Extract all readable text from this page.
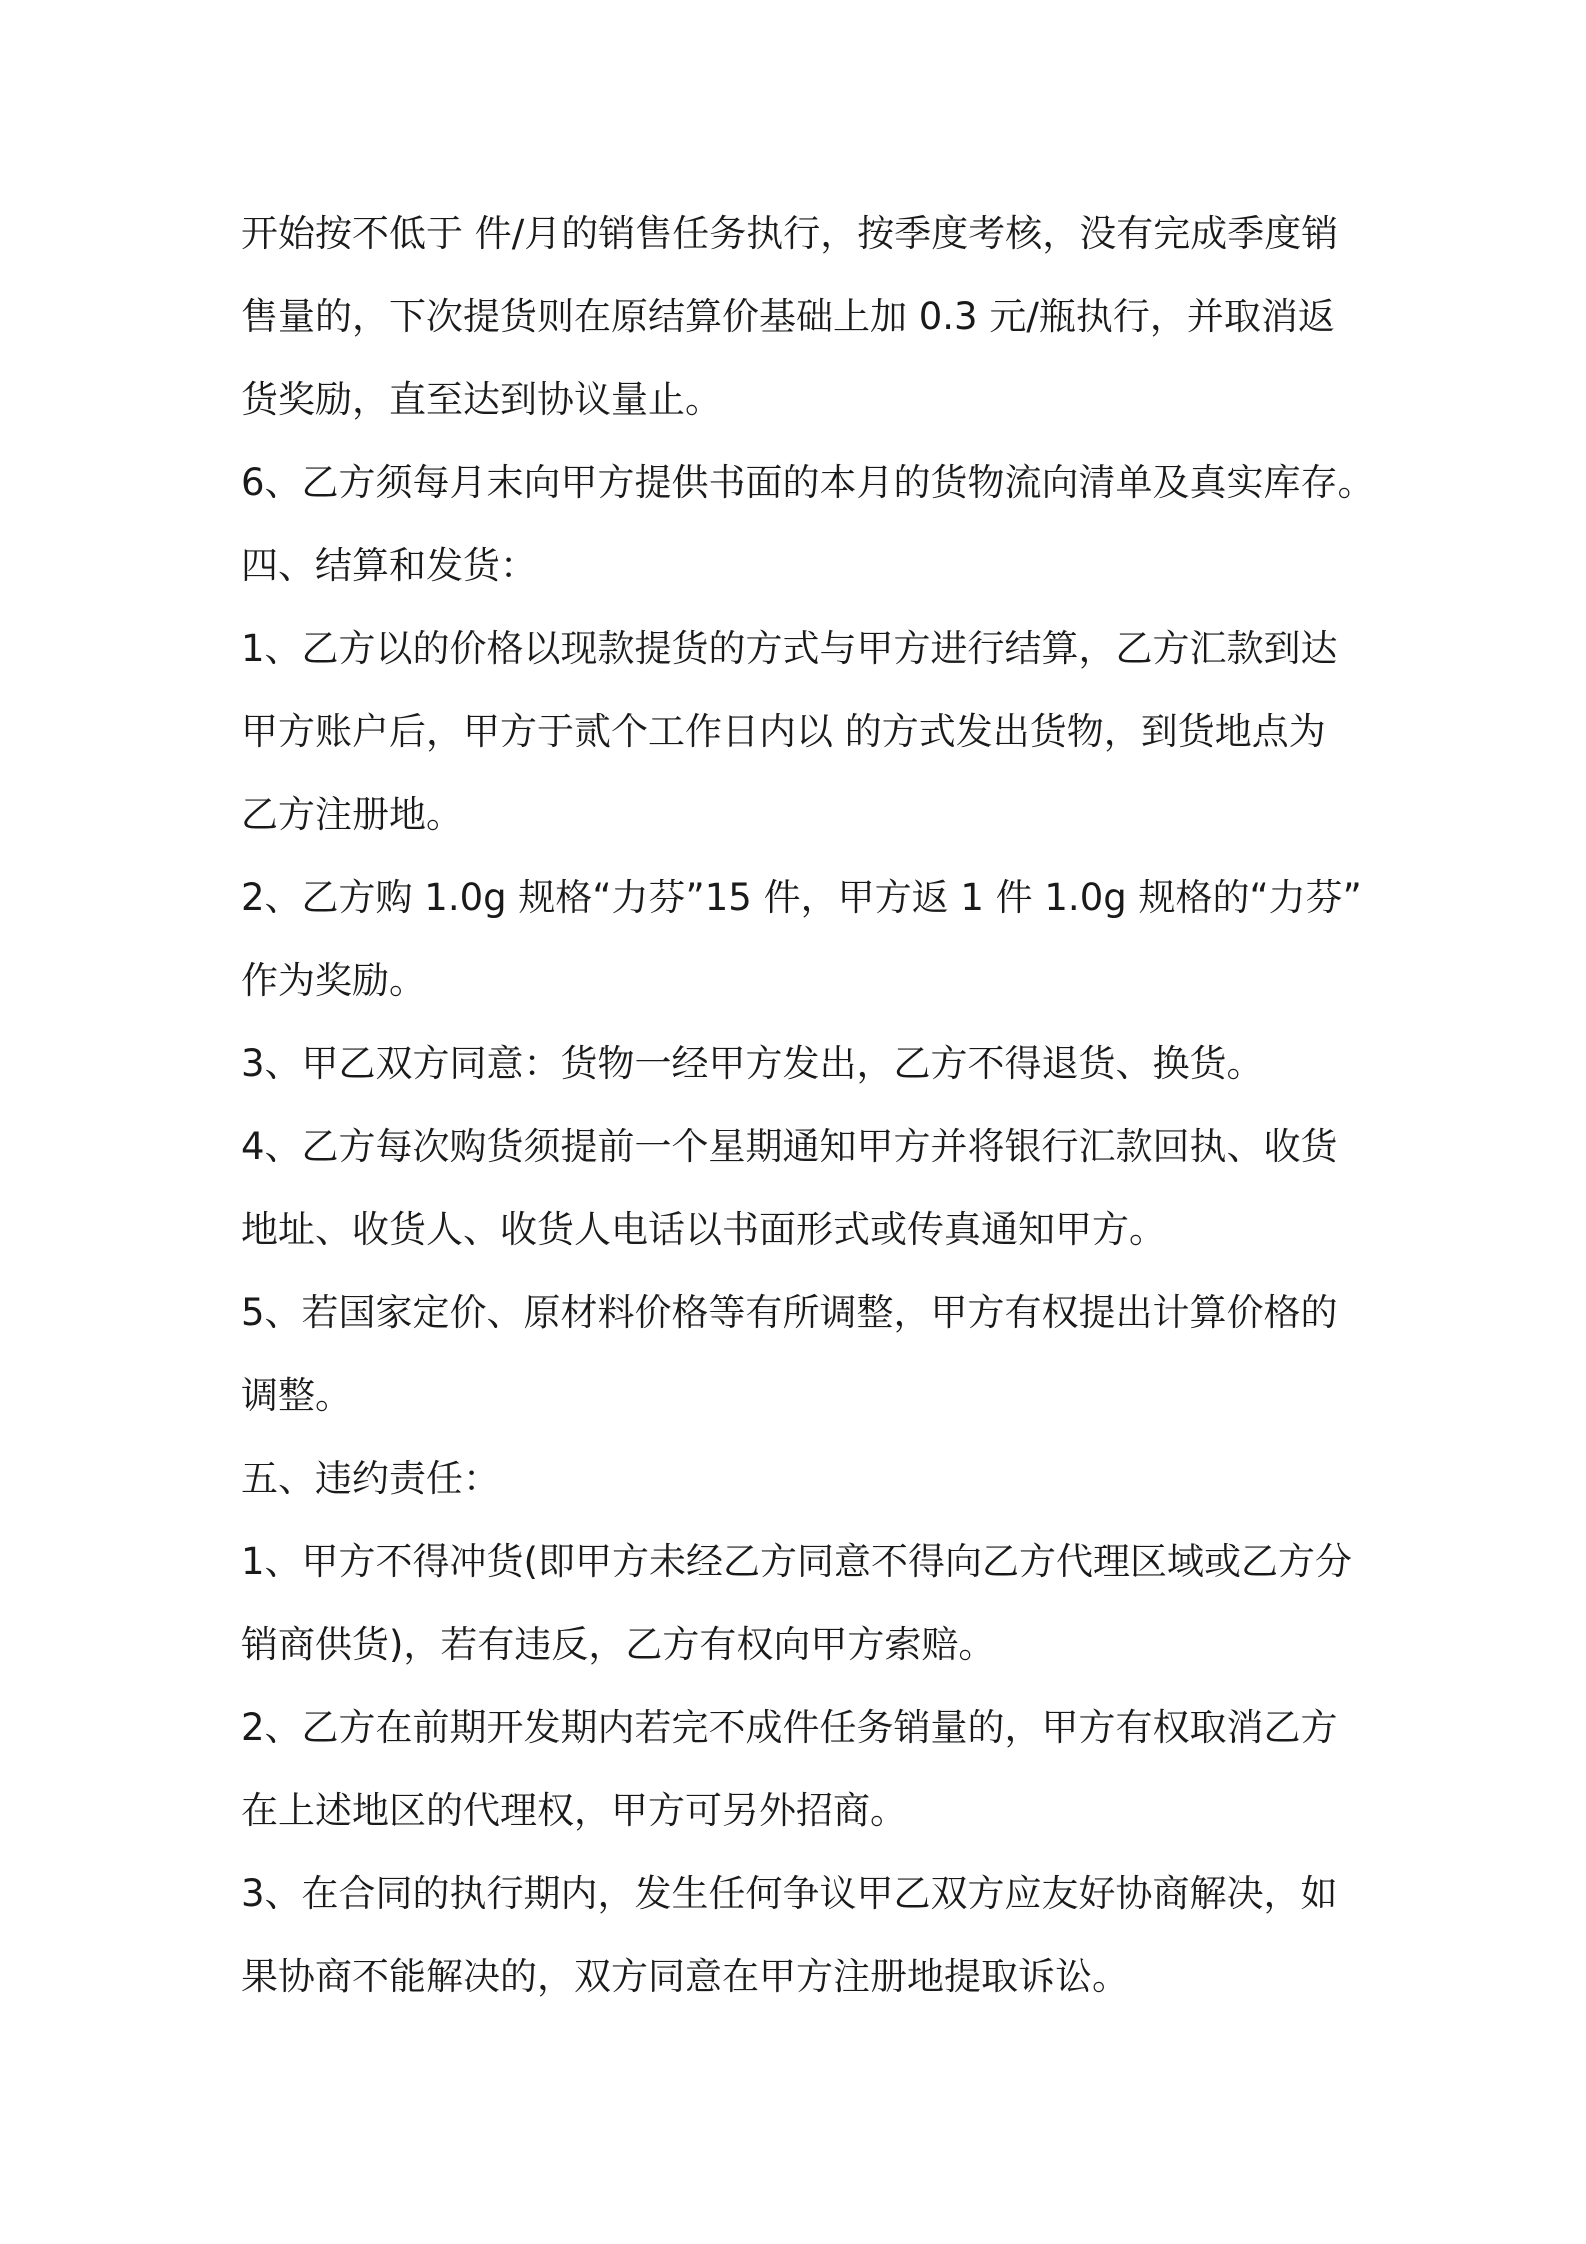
开始按不低于 件/月的销售任务执行，按季度考核，没有完成季度销
售量的，下次提货则在原结算价基础上加 0.3 元/瓶执行，并取消返
货奖励，直至达到协议量止。
6、乙方须每月末向甲方提供书面的本月的货物流向清单及真实库存。
四、结算和发货：
1、乙方以的价格以现款提货的方式与甲方进行结算，乙方汇款到达
甲方账户后，甲方于贰个工作日内以 的方式发出货物，到货地点为
乙方注册地。
2、乙方购 1.0g 规格“力芬”15 件，甲方返 1 件 1.0g 规格的“力芬”
作为奖励。
3、甲乙双方同意：货物一经甲方发出，乙方不得退货、换货。
4、乙方每次购货须提前一个星期通知甲方并将银行汇款回执、收货
地址、收货人、收货人电话以书面形式或传真通知甲方。
5、若国家定价、原材料价格等有所调整，甲方有权提出计算价格的
调整。
五、违约责任：
1、甲方不得冲货(即甲方未经乙方同意不得向乙方代理区域或乙方分
销商供货)，若有违反，乙方有权向甲方索赔。
2、乙方在前期开发期内若完不成件任务销量的，甲方有权取消乙方
在上述地区的代理权，甲方可另外招商。
3、在合同的执行期内，发生任何争议甲乙双方应友好协商解决，如
果协商不能解决的，双方同意在甲方注册地提取诉讼。
